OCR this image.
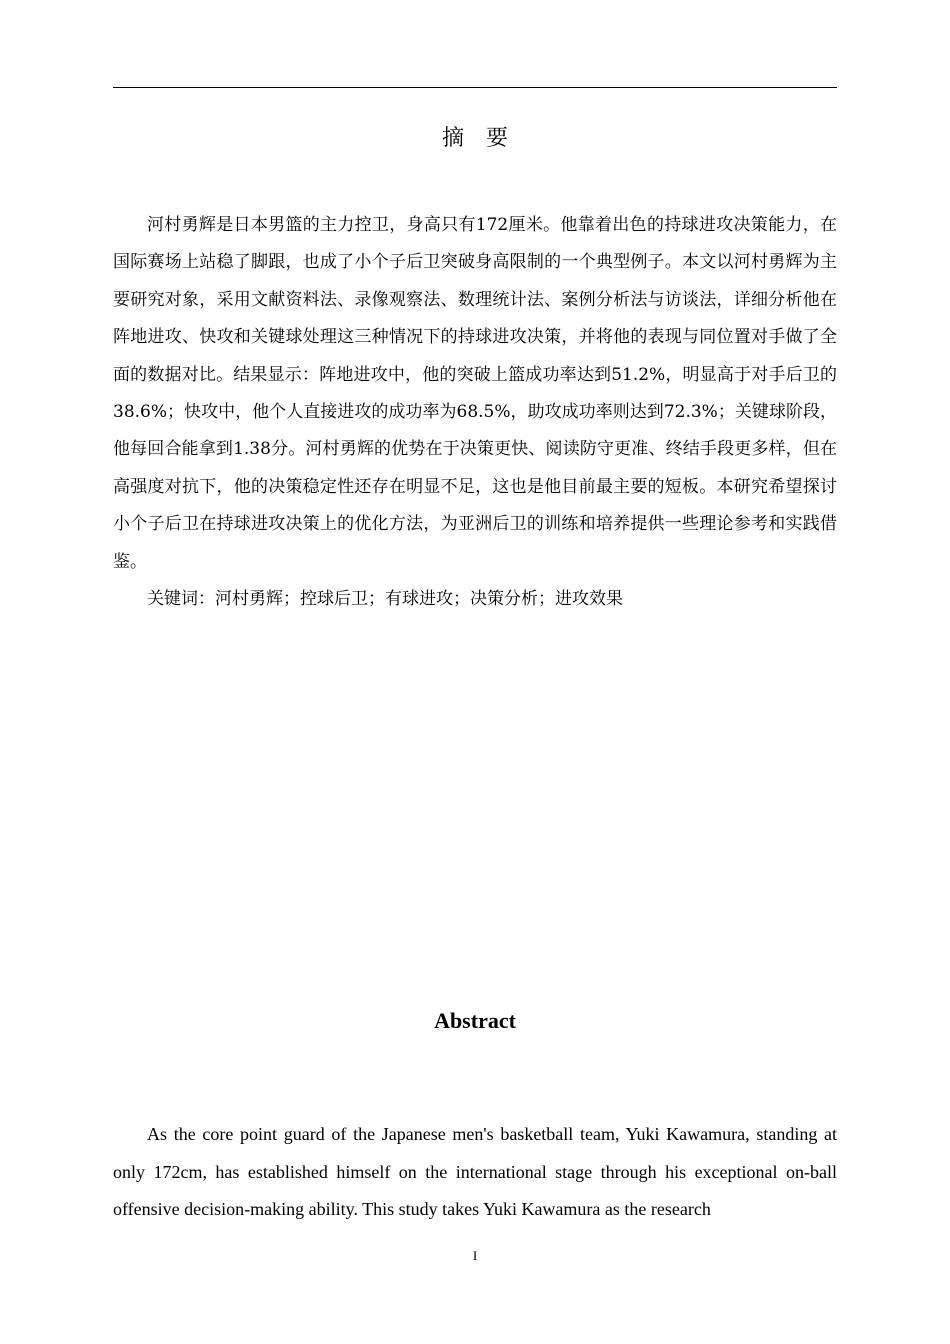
摘要

河村勇辉是日本男篮的主力控卫，身高只有172厘米。他靠着出色的持球进攻决策能力，在国际赛场上站稳了脚跟，也成了小个子后卫突破身高限制的一个典型例子。本文以河村勇辉为主要研究对象，采用文献资料法、录像观察法、数理统计法、案例分析法与访谈法，详细分析他在阵地进攻、快攻和关键球处理这三种情况下的持球进攻决策，并将他的表现与同位置对手做了全面的数据对比。结果显示：阵地进攻中，他的突破上篮成功率达到51.2%，明显高于对手后卫的38.6%；快攻中，他个人直接进攻的成功率为68.5%，助攻成功率则达到72.3%；关键球阶段，他每回合能拿到1.38分。河村勇辉的优势在于决策更快、阅读防守更准、终结手段更多样，但在高强度对抗下，他的决策稳定性还存在明显不足，这也是他目前最主要的短板。本研究希望探讨小个子后卫在持球进攻决策上的优化方法，为亚洲后卫的训练和培养提供一些理论参考和实践借鉴。

关键词：河村勇辉；控球后卫；有球进攻；决策分析；进攻效果

Abstract

As the core point guard of the Japanese men's basketball team, Yuki Kawamura, standing at only 172cm, has established himself on the international stage through his exceptional on-ball offensive decision-making ability. This study takes Yuki Kawamura as the research

I
